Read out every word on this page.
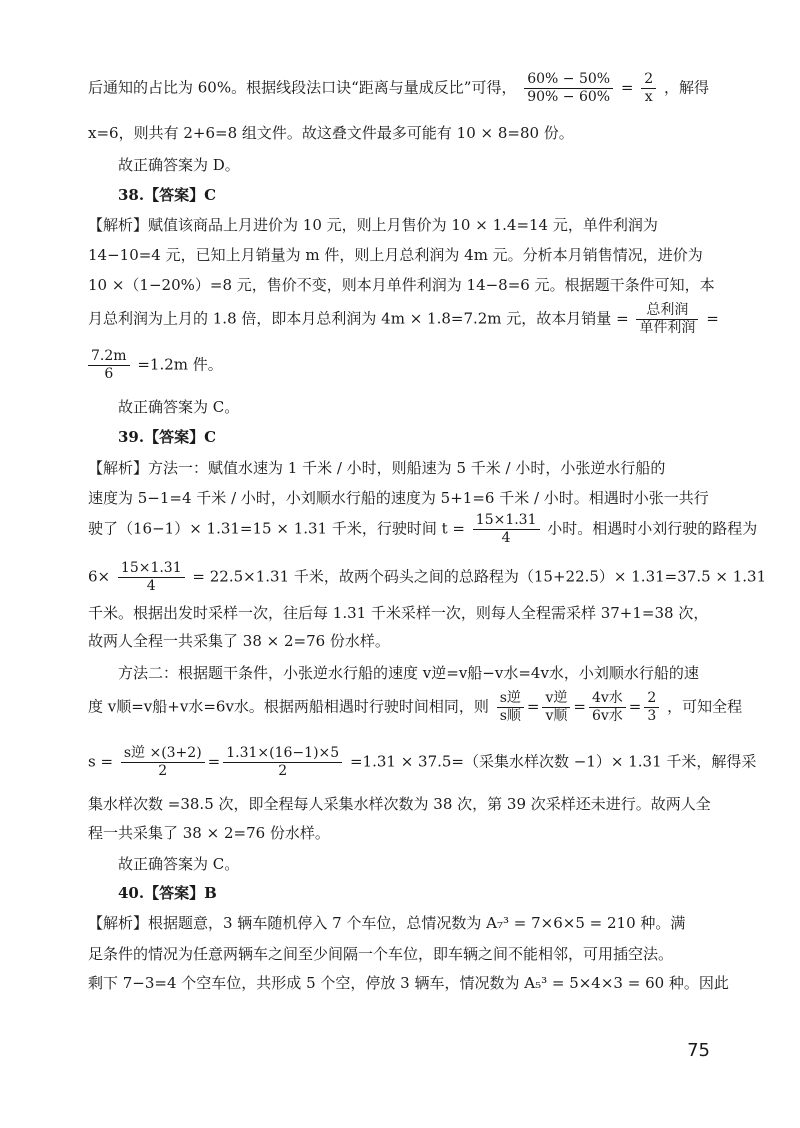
后通知的占比为 60%。根据线段法口诀“距离与量成反比”可得， $\frac{60\% - 50\%}{90\% - 60\%} = \frac{2}{x}$ ，解得
x=6，则共有 2+6=8 组文件。故这叠文件最多可能有 10 × 8=80 份。
故正确答案为 D。
38.【答案】C
【解析】赋值该商品上月进价为 10 元，则上月售价为 10 × 1.4=14 元，单件利润为
14−10=4 元，已知上月销量为 m 件，则上月总利润为 4m 元。分析本月销售情况，进价为
10 ×（1−20%）=8 元，售价不变，则本月单件利润为 14−8=6 元。根据题干条件可知，本
月总利润为上月的 1.8 倍，即本月总利润为 4m × 1.8=7.2m 元，故本月销量 = $\frac{\text{总利润}}{\text{单件利润}}$ =
$\frac{7.2m}{6} =1.2m$ 件。
故正确答案为 C。
39.【答案】C
【解析】方法一：赋值水速为 1 千米 / 小时，则船速为 5 千米 / 小时，小张逆水行船的
速度为 5−1=4 千米 / 小时，小刘顺水行船的速度为 5+1=6 千米 / 小时。相遇时小张一共行
驶了（16−1）× 1.31=15 × 1.31 千米，行驶时间 $t = \frac{15\times 1.31}{4}$ 小时。相遇时小刘行驶的路程为
$6\times \frac{15\times 1.31}{4} = 22.5\times 1.31$ 千米，故两个码头之间的总路程为（15+22.5）× 1.31=37.5 × 1.31
千米。根据出发时采样一次，往后每 1.31 千米采样一次，则每人全程需采样 37+1=38 次，
故两人全程一共采集了 38 × 2=76 份水样。
方法二：根据题干条件，小张逆水行船的速度 v逆=v船−v水=4v水，小刘顺水行船的速
度 v顺=v船+v水=6v水。根据两船相遇时行驶时间相同，则 $\frac{\text{s逆}}{\text{s顺}} = \frac{\text{v逆}}{\text{v顺}} = \frac{\text{4v水}}{\text{6v水}} = \frac{2}{3}$ ，可知全程
$s = \frac{\text{s逆 ×(3+2)}}{2} = \frac{1.31\times(16-1)\times 5}{2} =1.31 \times 37.5=$（采集水样次数 −1）× 1.31 千米，解得采
集水样次数 =38.5 次，即全程每人采集水样次数为 38 次，第 39 次采样还未进行。故两人全
程一共采集了 38 × 2=76 份水样。
故正确答案为 C。
40.【答案】B
【解析】根据题意，3 辆车随机停入 7 个车位，总情况数为 A₇³ = 7×6×5 = 210 种。满
足条件的情况为任意两辆车之间至少间隔一个车位，即车辆之间不能相邻，可用插空法。
剩下 7−3=4 个空车位，共形成 5 个空，停放 3 辆车，情况数为 A₅³ = 5×4×3 = 60 种。因此
75
